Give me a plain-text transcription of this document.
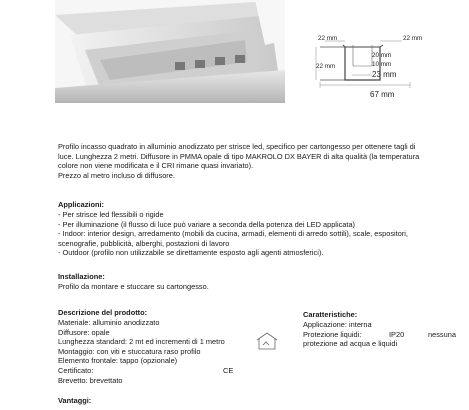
22 mm	22 mm
22 mm
20 mm
10 mm
23 mm
67 mm
Profilo incasso quadrato in alluminio anodizzato per strisce led, specifico per cartongesso per ottenere tagli di
luce. Lunghezza 2 metri. Diffusore in PMMA opale di tipo MAKROLO DX BAYER di alta qualità (la temperatura
colore non viene modificata e il CRI rimane quasi invariato).
Prezzo al metro incluso di diffusore.
Applicazioni:
- Per strisce led flessibili o rigide
- Per illuminazione (il flusso di luce può variare a seconda della potenza dei LED applicata)
- Indoor: interior design, arredamento (mobili da cucina, armadi, elementi di arredo sottili), scale, espositori,
scenografie, pubblicità, alberghi, postazioni di lavoro
- Outdoor (profilo non utilizzabile se direttamente esposto agli agenti atmosferici).
Installazione:
Profilo da montare e stuccare su cartongesso.
Descrizione del prodotto:
Materiale: alluminio anodizzato
Diffusore: opale
Lunghezza standard: 2 mt ed incrementi di 1 metro
Montaggio: con viti e stuccatura raso profilo
Elemento frontale: tappo (opzionale)
Certificato:	CE
Brevetto: brevettato
Caratteristiche:
Applicazione: interna
Protezione liquidi:	IP20	nessuna
protezione ad acqua e liquidi
Vantaggi:
